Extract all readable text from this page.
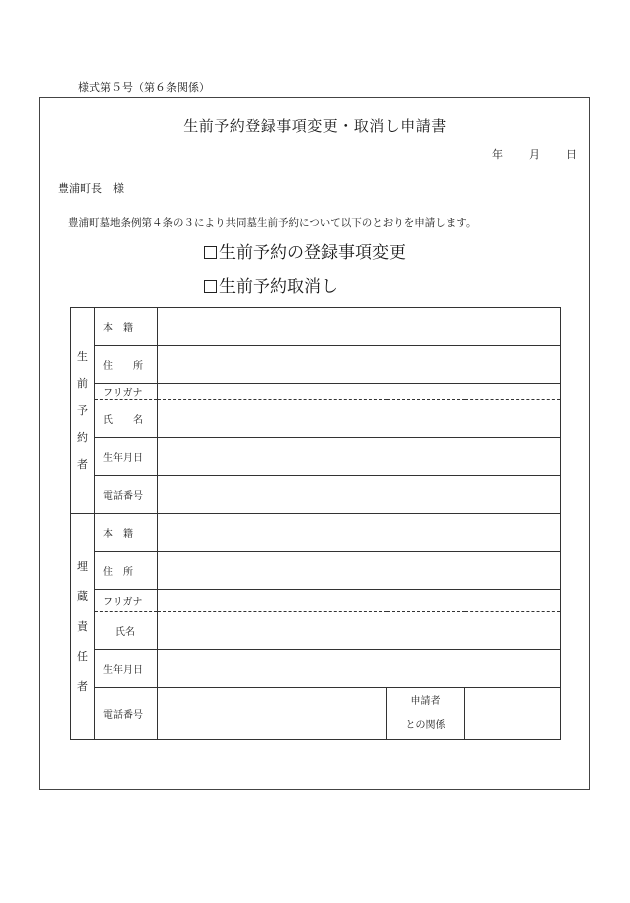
様式第５号（第６条関係）
生前予約登録事項変更・取消し申請書
年 月 日
豊浦町長　様
豊浦町墓地条例第４条の３により共同墓生前予約について以下のとおりを申請します。
生前予約の登録事項変更
生前予約取消し
生
前
予
約
者	本　籍			
	住　　所			
	フリガナ			
	氏　　名			
	生年月日			
	電話番号			
埋
蔵
責
任
者	本　籍			
	住　所			
	フリガナ			
	氏名			
	生年月日			
	電話番号		申請者
との関係	
